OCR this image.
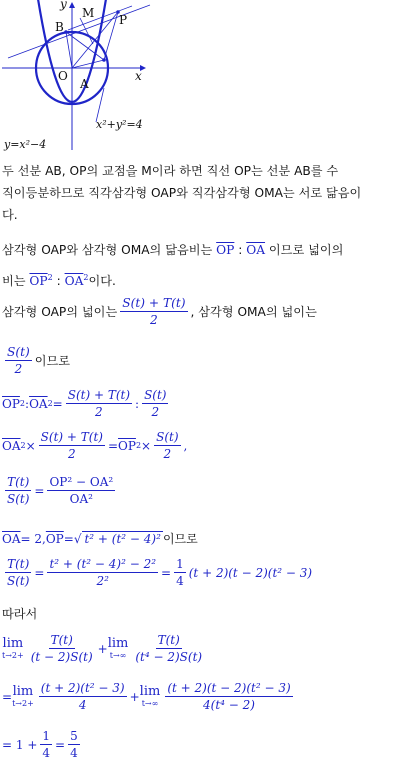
B
M P
O
A
x
y
x²+y²=4
y=x²−4
두 선분 AB, OP의 교점을 M이라 하면 직선 OP는 선분 AB를 수
직이등분하므로 직각삼각형 OAP와 직각삼각형 OMA는 서로 닮음이
다.
삼각형 OAP와 삼각형 OMA의 닮음비는 $\overline{OP}$ : $\overline{OA}$ 이므로 넓이의
비는 $\overline{OP}^2$ : $\overline{OA}^2$이다.
삼각형 OAP의 넓이는 $\frac{S(t) + T(t)}{2}$ , 삼각형 OMA의 넓이는
$\frac{S(t)}{2}$ 이므로
$\overline{OP}$ 2 : $\overline{OA}$ $2 = \frac{S(t) + T(t)}{2}$ : $\frac{S(t)}{2}$
$\overline{OA}$ $2 \times \frac{S(t) + T(t)}{2} = \overline{OP}$ $2 \times \frac{S(t)}{2}$ ,
$\frac{T(t)}{S(t)} = \frac{\text{OP² − OA²}}{\text{OA²}}$
$\overline{OA} = 2$, $\overline{OP}$ = √ t² + (t² − 4)² 이므로
$\frac{T(t)}{S(t)} = \frac{\text{t² + (t² − 4)² − 2²}}{\text{2²}} = \frac{1}{4} (t + 2)(t - 2)(t^2 - 3)$
따라서
lim
$t\to 2+ \frac{T(t)}{(t - 2)S(t)} + \lim$
$t\to\infty \frac{T(t)}{\text{(t⁴ − 2)S(t)}}$
= lim
$t\to 2+ \frac{\text{(t + 2)(t² − 3)}}{4} + \lim$
$t\to\infty \frac{\text{(t + 2)(t − 2)(t² − 3)}}{\text{4(t⁴ − 2)}}$
= $1 + \frac{1}{4} = \frac{5}{4}$
